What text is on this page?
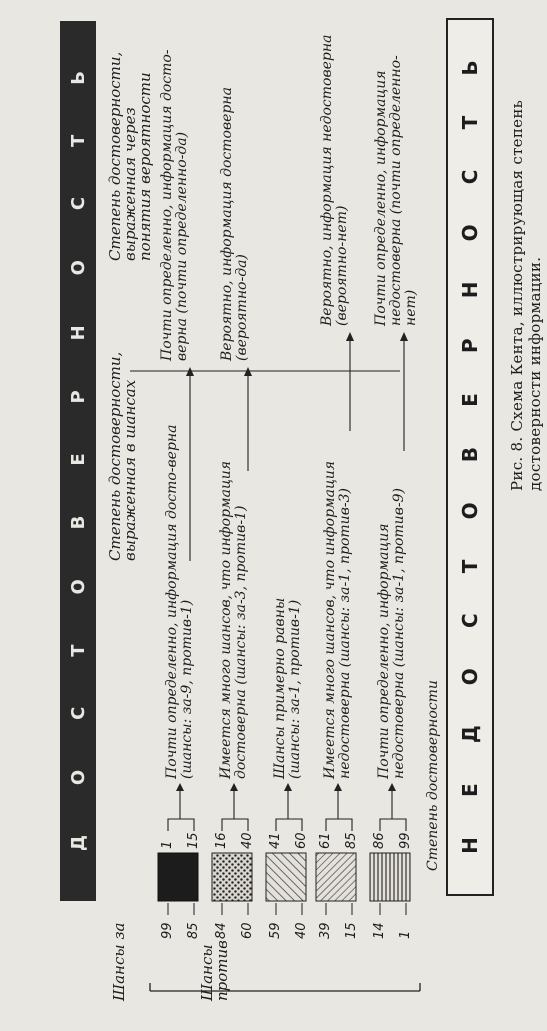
Д
О
С
Т
О
В
Е
Р
Н
О
С
Т
Ь
Шансы за	Шансы
против
Степень достоверности,
выраженная в шансах
Степень достоверности,
выраженная через
понятия вероятности
Степень достоверности
99 85 84 60 59 40 39 15 14 1
1 15 16 40 41 60 61 85 86 99
Почти определенно, информация досто-верна (шансы: за-9, против-1) Имеется много шансов, что информация достоверна (шансы: за-3, против-1) Шансы примерно равны (шансы: за-1, против-1) Имеется много шансов, что информация недостоверна (шансы: за-1, против-3) Почти определенно, информация недостоверна (шансы: за-1, против-9)
Почти определенно, информация досто-верна (почти определенно-да) Вероятно, информация достоверна (вероятно-да)	Вероятно, информация недостоверна (вероятно-нет) Почти определенно, информация недостоверна (почти определенно-нет)
Н
Е
Д
О
С
Т
О
В
Е
Р
Н
О
С
Т
Ь
Рис. 8. Схема Кента, иллюстрирующая степень достоверности информации.
